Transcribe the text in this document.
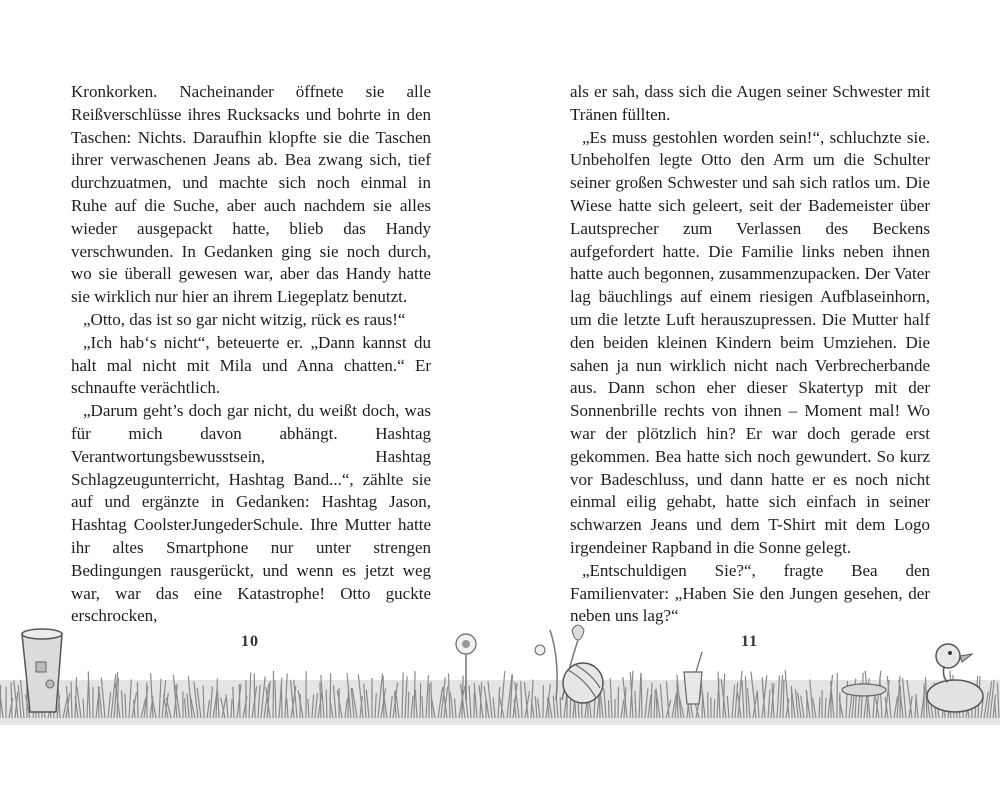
Kronkorken. Nacheinander öffnete sie alle Reißverschlüsse ihres Rucksacks und bohrte in den Taschen: Nichts. Daraufhin klopfte sie die Taschen ihrer verwaschenen Jeans ab. Bea zwang sich, tief durchzuatmen, und machte sich noch einmal in Ruhe auf die Suche, aber auch nachdem sie alles wieder ausgepackt hatte, blieb das Handy verschwunden. In Gedanken ging sie noch durch, wo sie überall gewesen war, aber das Handy hatte sie wirklich nur hier an ihrem Liegeplatz benutzt.

„Otto, das ist so gar nicht witzig, rück es raus!“

„Ich hab‘s nicht“, beteuerte er. „Dann kannst du halt mal nicht mit Mila und Anna chatten.“ Er schnaufte verächtlich.

„Darum geht’s doch gar nicht, du weißt doch, was für mich davon abhängt. Hashtag Verantwortungsbewusstsein, Hashtag Schlagzeugunterricht, Hashtag Band...“, zählte sie auf und ergänzte in Gedanken: Hashtag Jason, Hashtag CoolsterJungederSchule. Ihre Mutter hatte ihr altes Smartphone nur unter strengen Bedingungen rausgerückt, und wenn es jetzt weg war, war das eine Katastrophe! Otto guckte erschrocken,

als er sah, dass sich die Augen seiner Schwester mit Tränen füllten.

„Es muss gestohlen worden sein!“, schluchzte sie. Unbeholfen legte Otto den Arm um die Schulter seiner großen Schwester und sah sich ratlos um. Die Wiese hatte sich geleert, seit der Bademeister über Lautsprecher zum Verlassen des Beckens aufgefordert hatte. Die Familie links neben ihnen hatte auch begonnen, zusammenzupacken. Der Vater lag bäuchlings auf einem riesigen Aufblaseinhorn, um die letzte Luft herauszupressen. Die Mutter half den beiden kleinen Kindern beim Umziehen. Die sahen ja nun wirklich nicht nach Verbrecherbande aus. Dann schon eher dieser Skatertyp mit der Sonnenbrille rechts von ihnen – Moment mal! Wo war der plötzlich hin? Er war doch gerade erst gekommen. Bea hatte sich noch gewundert. So kurz vor Badeschluss, und dann hatte er es noch nicht einmal eilig gehabt, hatte sich einfach in seiner schwarzen Jeans und dem T-Shirt mit dem Logo irgendeiner Rapband in die Sonne gelegt.

„Entschuldigen Sie?“, fragte Bea den Familienvater: „Haben Sie den Jungen gesehen, der neben uns lag?“

10	11
